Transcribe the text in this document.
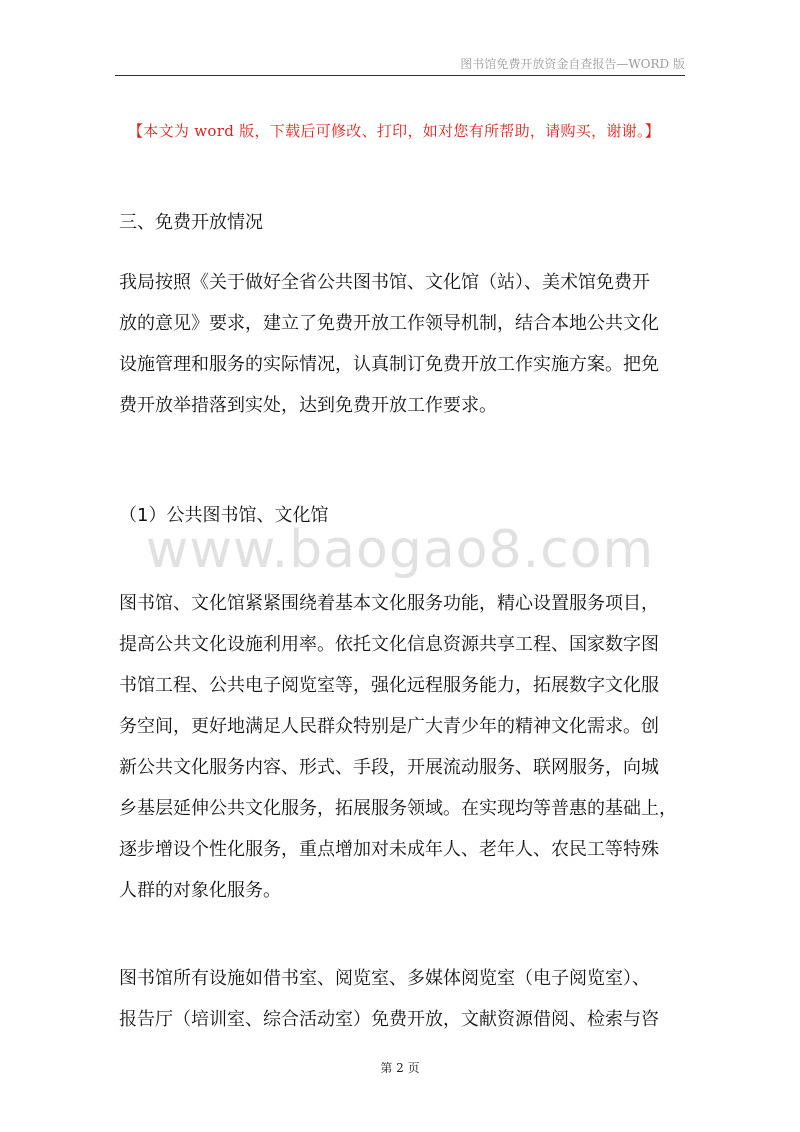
图书馆免费开放资金自查报告—WORD 版
【本文为 word 版，下载后可修改、打印，如对您有所帮助，请购买，谢谢。】
三、免费开放情况
我局按照《关于做好全省公共图书馆、文化馆（站）、美术馆免费开
放的意见》要求，建立了免费开放工作领导机制，结合本地公共文化
设施管理和服务的实际情况，认真制订免费开放工作实施方案。把免
费开放举措落到实处，达到免费开放工作要求。
（1）公共图书馆、文化馆
www.baogao8.com
图书馆、文化馆紧紧围绕着基本文化服务功能，精心设置服务项目，
提高公共文化设施利用率。依托文化信息资源共享工程、国家数字图
书馆工程、公共电子阅览室等，强化远程服务能力，拓展数字文化服
务空间，更好地满足人民群众特别是广大青少年的精神文化需求。创
新公共文化服务内容、形式、手段，开展流动服务、联网服务，向城
乡基层延伸公共文化服务，拓展服务领域。在实现均等普惠的基础上，
逐步增设个性化服务，重点增加对未成年人、老年人、农民工等特殊
人群的对象化服务。
图书馆所有设施如借书室、阅览室、多媒体阅览室（电子阅览室）、
报告厅（培训室、综合活动室）免费开放，文献资源借阅、检索与咨
第 2 页
